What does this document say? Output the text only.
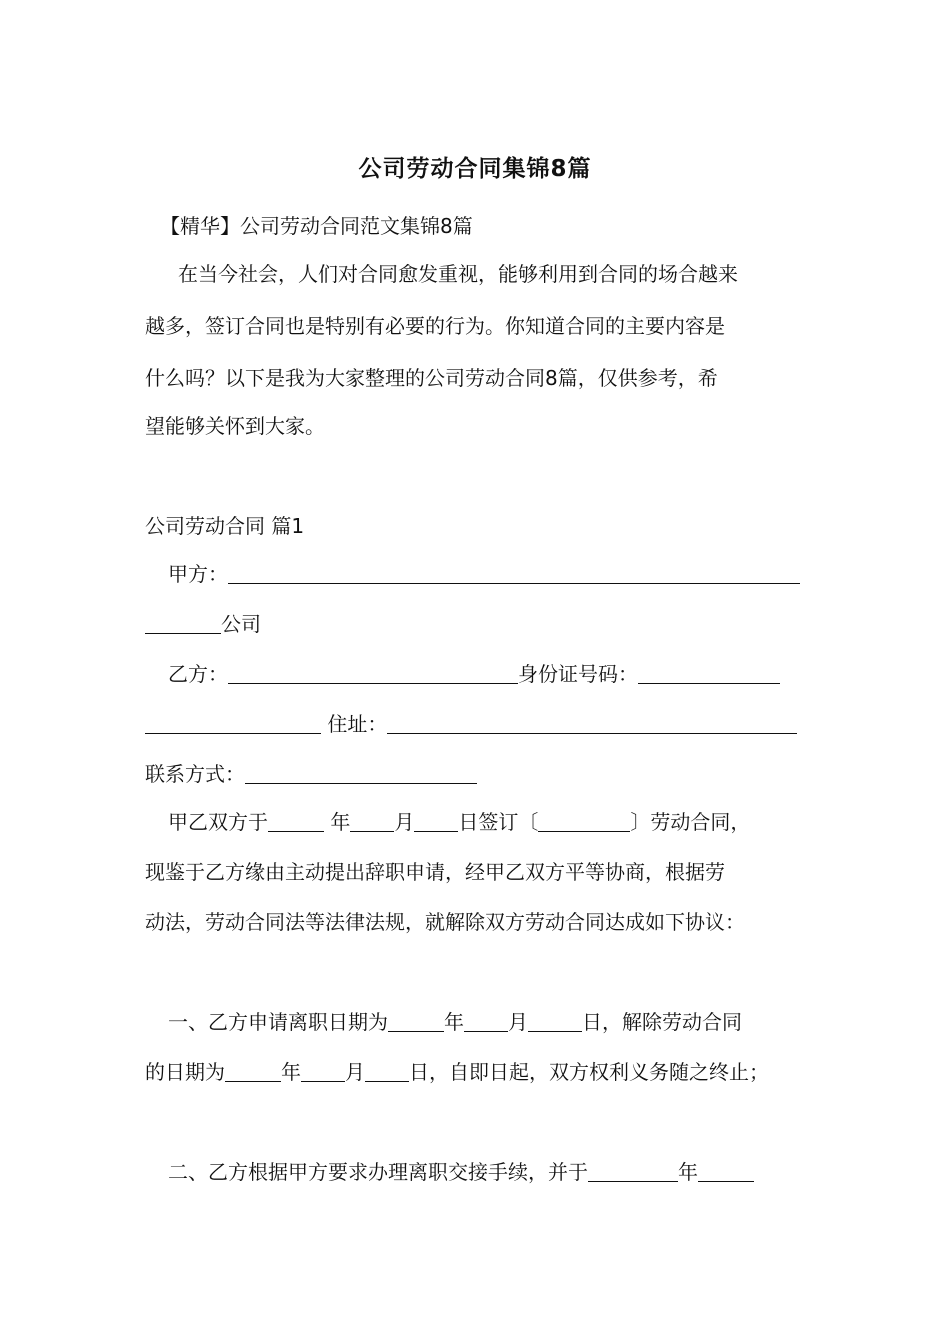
公司劳动合同集锦8篇
【精华】公司劳动合同范文集锦8篇
在当今社会，人们对合同愈发重视，能够利用到合同的场合越来
越多，签订合同也是特别有必要的行为。你知道合同的主要内容是
什么吗？以下是我为大家整理的公司劳动合同8篇，仅供参考，希
望能够关怀到大家。
公司劳动合同 篇1
甲方：
公司
乙方：	身份证号码：
住址：
联系方式：
甲乙双方于	年 月 日签订〔	〕劳动合同，
现鉴于乙方缘由主动提出辞职申请，经甲乙双方平等协商，根据劳
动法，劳动合同法等法律法规，就解除双方劳动合同达成如下协议：
一、乙方申请离职日期为	年 月	日，解除劳动合同
的日期为	年 月 日，自即日起，双方权利义务随之终止；
二、乙方根据甲方要求办理离职交接手续，并于	年
